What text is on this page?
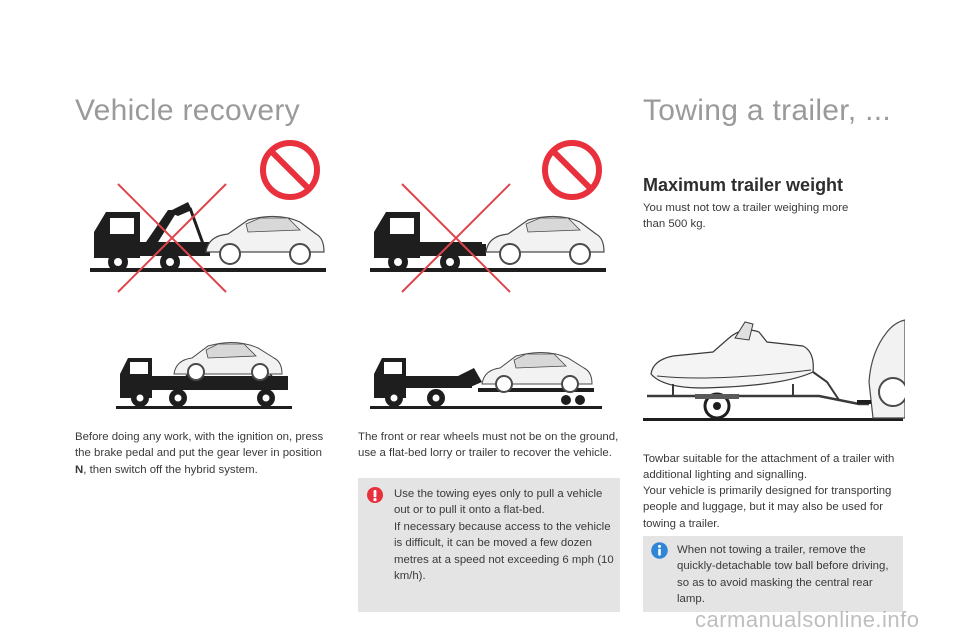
Vehicle recovery	Towing a trailer, ...

Before doing any work, with the ignition on, press the brake pedal and put the gear lever in position N, then switch off the hybrid system.

The front or rear wheels must not be on the ground, use a flat-bed lorry or trailer to recover the vehicle.

Use the towing eyes only to pull a vehicle out or to pull it onto a flat-bed.

If necessary because access to the vehicle is difficult, it can be moved a few dozen metres at a speed not exceeding 6 mph (10 km/h).

Maximum trailer weight

You must not tow a trailer weighing more than 500 kg.

Towbar suitable for the attachment of a trailer with additional lighting and signalling.

Your vehicle is primarily designed for transporting people and luggage, but it may also be used for towing a trailer.

When not towing a trailer, remove the quickly-detachable tow ball before driving, so as to avoid masking the central rear lamp.

carmanualsonline.info
